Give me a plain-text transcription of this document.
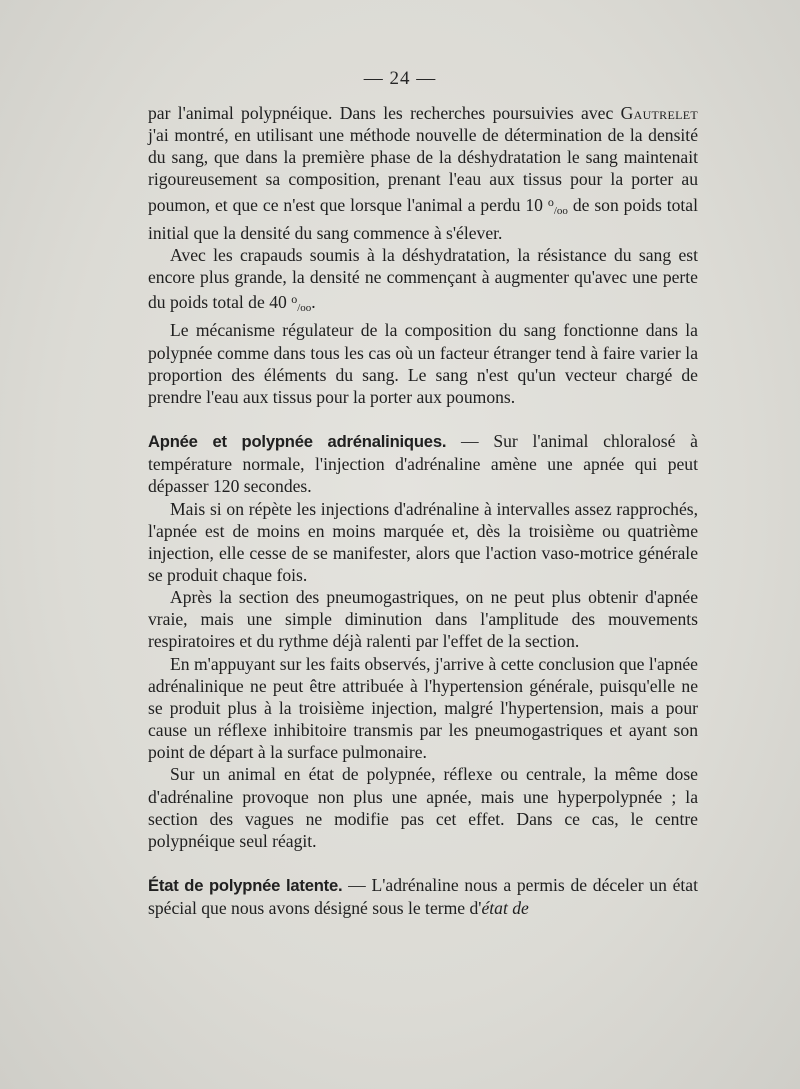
— 24 —

par l'animal polypnéique. Dans les recherches poursuivies avec Gautrelet j'ai montré, en utilisant une méthode nouvelle de détermination de la densité du sang, que dans la première phase de la déshydratation le sang maintenait rigoureusement sa composition, prenant l'eau aux tissus pour la porter au poumon, et que ce n'est que lorsque l'animal a perdu 10 $^o_{/oo}$ de son poids total initial que la densité du sang commence à s'élever.

Avec les crapauds soumis à la déshydratation, la résistance du sang est encore plus grande, la densité ne commençant à augmenter qu'avec une perte du poids total de 40 $^o_{/oo}$.

Le mécanisme régulateur de la composition du sang fonctionne dans la polypnée comme dans tous les cas où un facteur étranger tend à faire varier la proportion des éléments du sang. Le sang n'est qu'un vecteur chargé de prendre l'eau aux tissus pour la porter aux poumons.

Apnée et polypnée adrénaliniques. — Sur l'animal chloralosé à température normale, l'injection d'adrénaline amène une apnée qui peut dépasser 120 secondes.

Mais si on répète les injections d'adrénaline à intervalles assez rapprochés, l'apnée est de moins en moins marquée et, dès la troisième ou quatrième injection, elle cesse de se manifester, alors que l'action vaso-motrice générale se produit chaque fois.

Après la section des pneumogastriques, on ne peut plus obtenir d'apnée vraie, mais une simple diminution dans l'amplitude des mouvements respiratoires et du rythme déjà ralenti par l'effet de la section.

En m'appuyant sur les faits observés, j'arrive à cette conclusion que l'apnée adrénalinique ne peut être attribuée à l'hypertension générale, puisqu'elle ne se produit plus à la troisième injection, malgré l'hypertension, mais a pour cause un réflexe inhibitoire transmis par les pneumogastriques et ayant son point de départ à la surface pulmonaire.

Sur un animal en état de polypnée, réflexe ou centrale, la même dose d'adrénaline provoque non plus une apnée, mais une hyperpolypnée ; la section des vagues ne modifie pas cet effet. Dans ce cas, le centre polypnéique seul réagit.

État de polypnée latente. — L'adrénaline nous a permis de déceler un état spécial que nous avons désigné sous le terme d'état de
